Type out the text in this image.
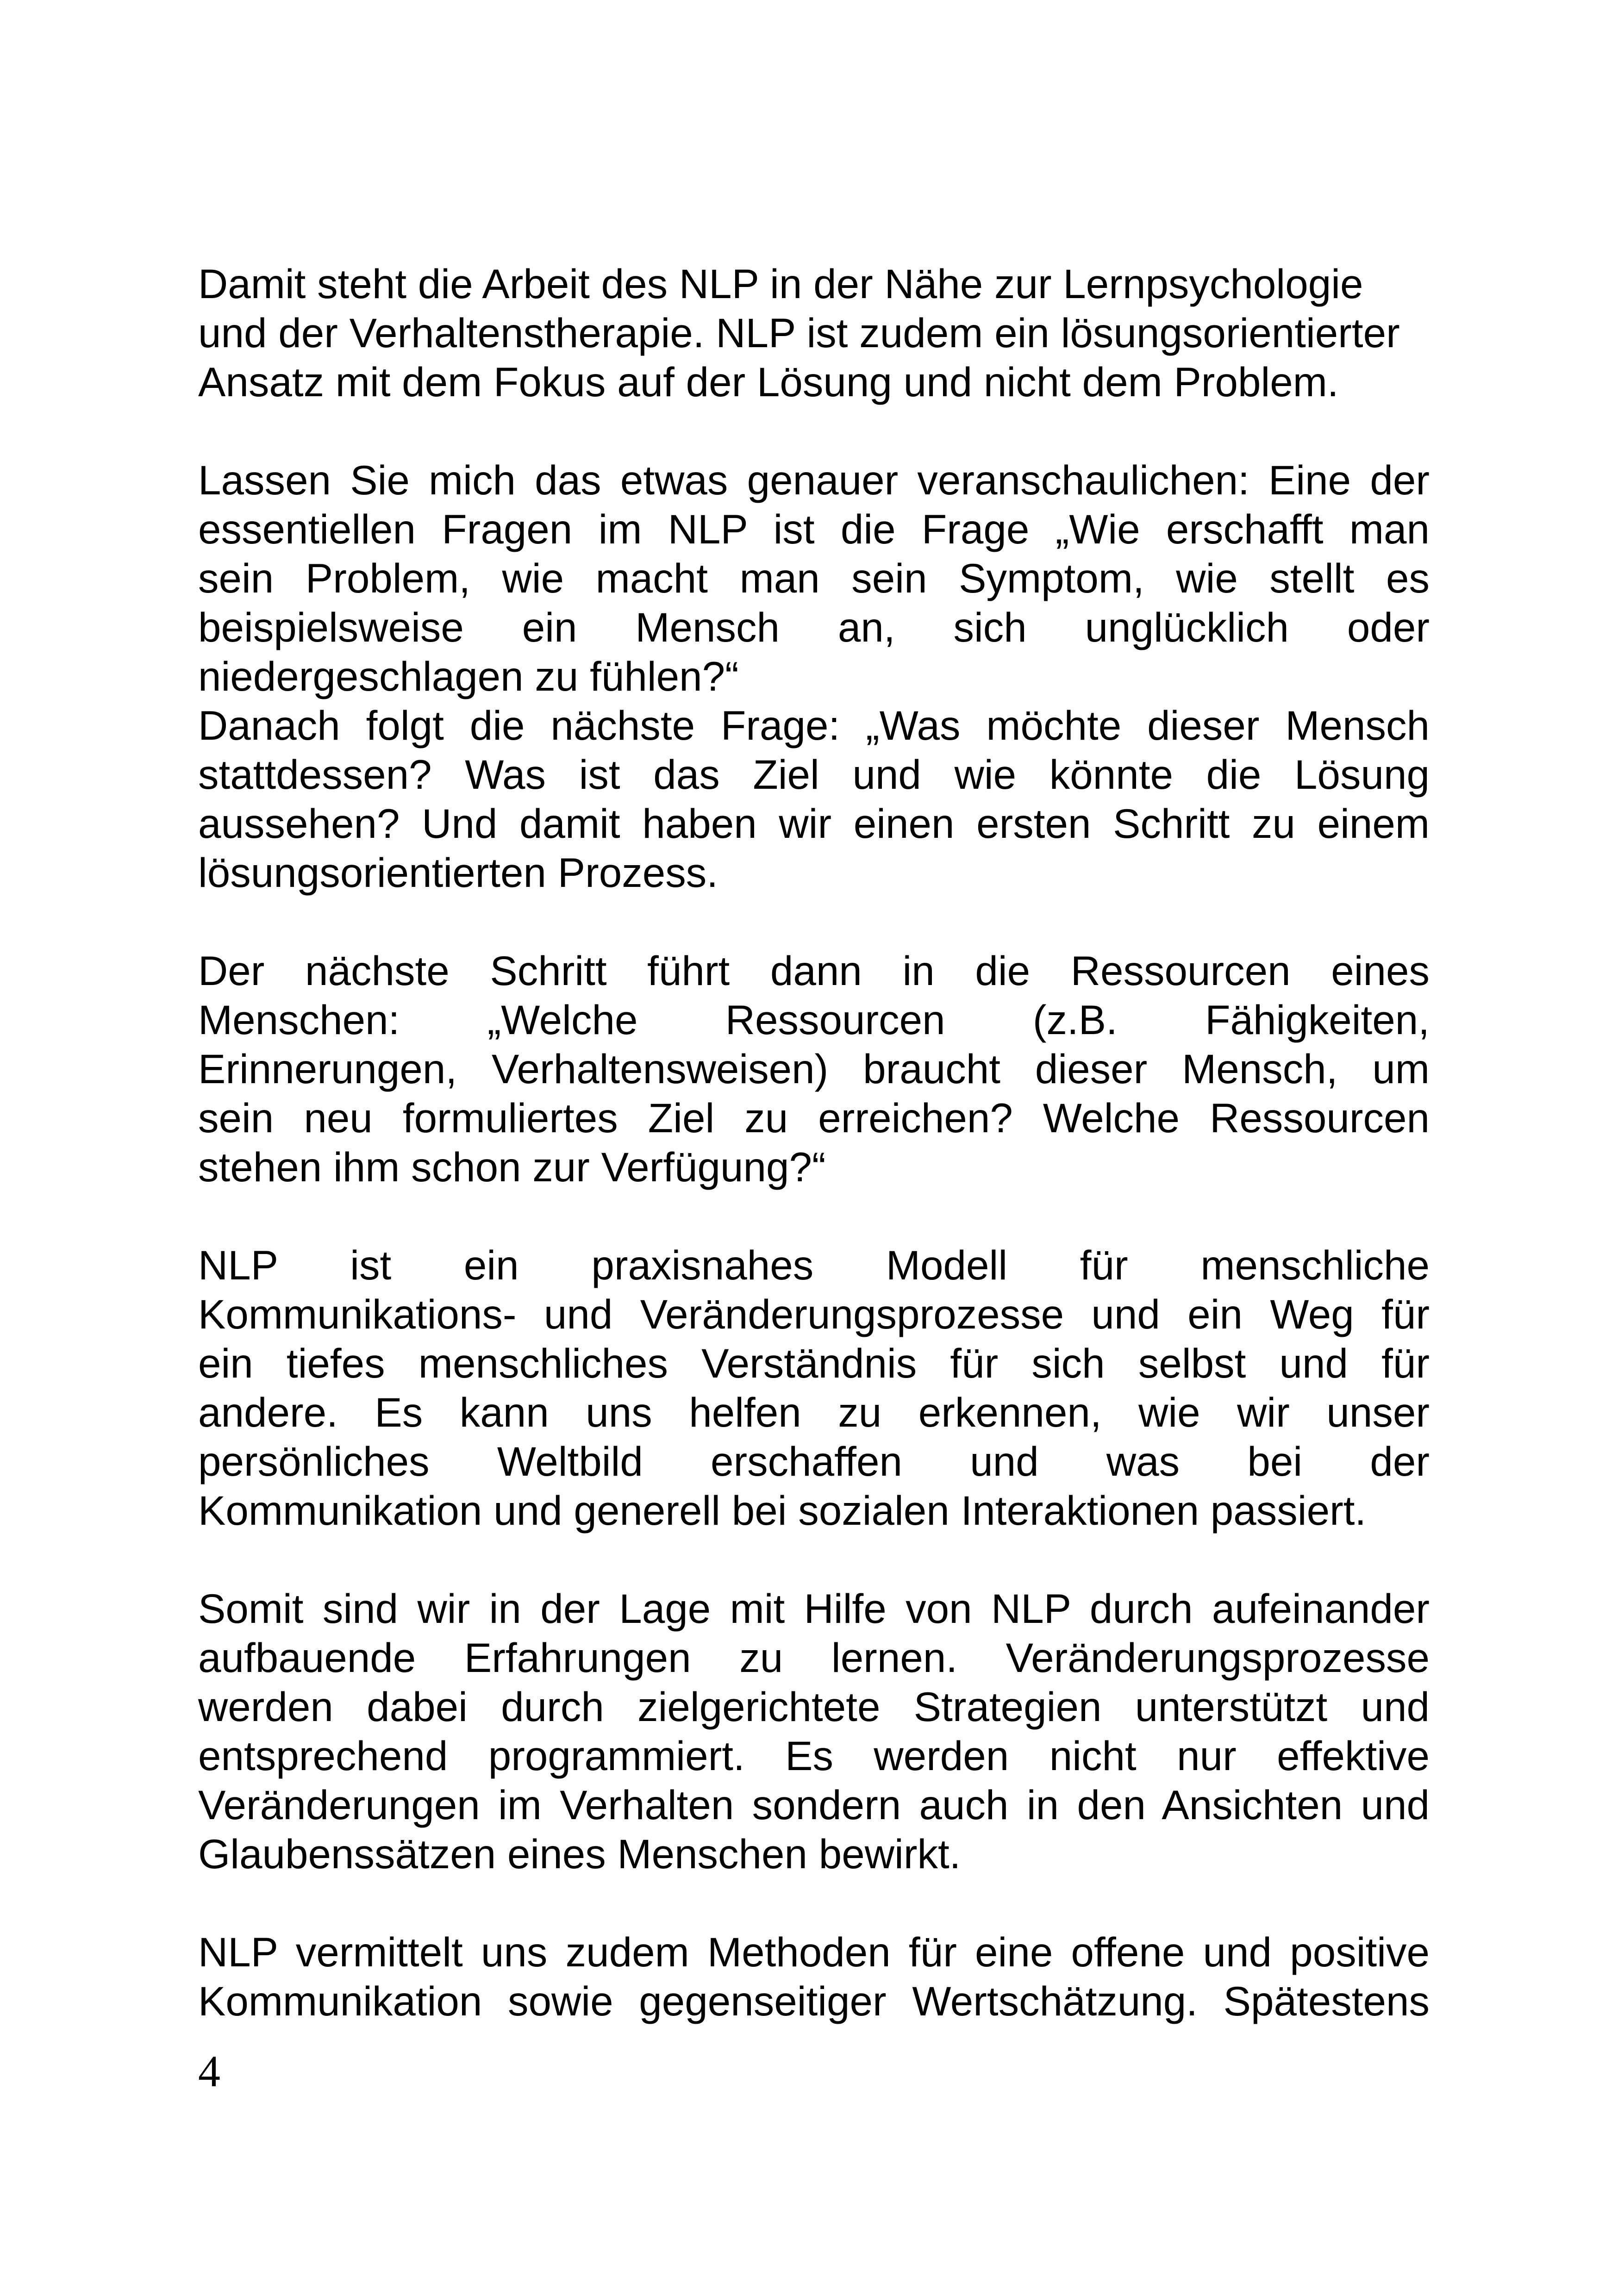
Damit steht die Arbeit des NLP in der Nähe zur Lernpsychologie
und der Verhaltenstherapie. NLP ist zudem ein lösungsorientierter
Ansatz mit dem Fokus auf der Lösung und nicht dem Problem.
Lassen Sie mich das etwas genauer veranschaulichen: Eine der
essentiellen Fragen im NLP ist die Frage „Wie erschafft man
sein Problem, wie macht man sein Symptom, wie stellt es
beispielsweise ein Mensch an, sich unglücklich oder
niedergeschlagen zu fühlen?“
Danach folgt die nächste Frage: „Was möchte dieser Mensch
stattdessen? Was ist das Ziel und wie könnte die Lösung
aussehen? Und damit haben wir einen ersten Schritt zu einem
lösungsorientierten Prozess.
Der nächste Schritt führt dann in die Ressourcen eines
Menschen: „Welche Ressourcen (z.B. Fähigkeiten,
Erinnerungen, Verhaltensweisen) braucht dieser Mensch, um
sein neu formuliertes Ziel zu erreichen? Welche Ressourcen
stehen ihm schon zur Verfügung?“
NLP ist ein praxisnahes Modell für menschliche
Kommunikations- und Veränderungsprozesse und ein Weg für
ein tiefes menschliches Verständnis für sich selbst und für
andere. Es kann uns helfen zu erkennen, wie wir unser
persönliches Weltbild erschaffen und was bei der
Kommunikation und generell bei sozialen Interaktionen passiert.
Somit sind wir in der Lage mit Hilfe von NLP durch aufeinander
aufbauende Erfahrungen zu lernen. Veränderungsprozesse
werden dabei durch zielgerichtete Strategien unterstützt und
entsprechend programmiert. Es werden nicht nur effektive
Veränderungen im Verhalten sondern auch in den Ansichten und
Glaubenssätzen eines Menschen bewirkt.
NLP vermittelt uns zudem Methoden für eine offene und positive
Kommunikation sowie gegenseitiger Wertschätzung. Spätestens
4
